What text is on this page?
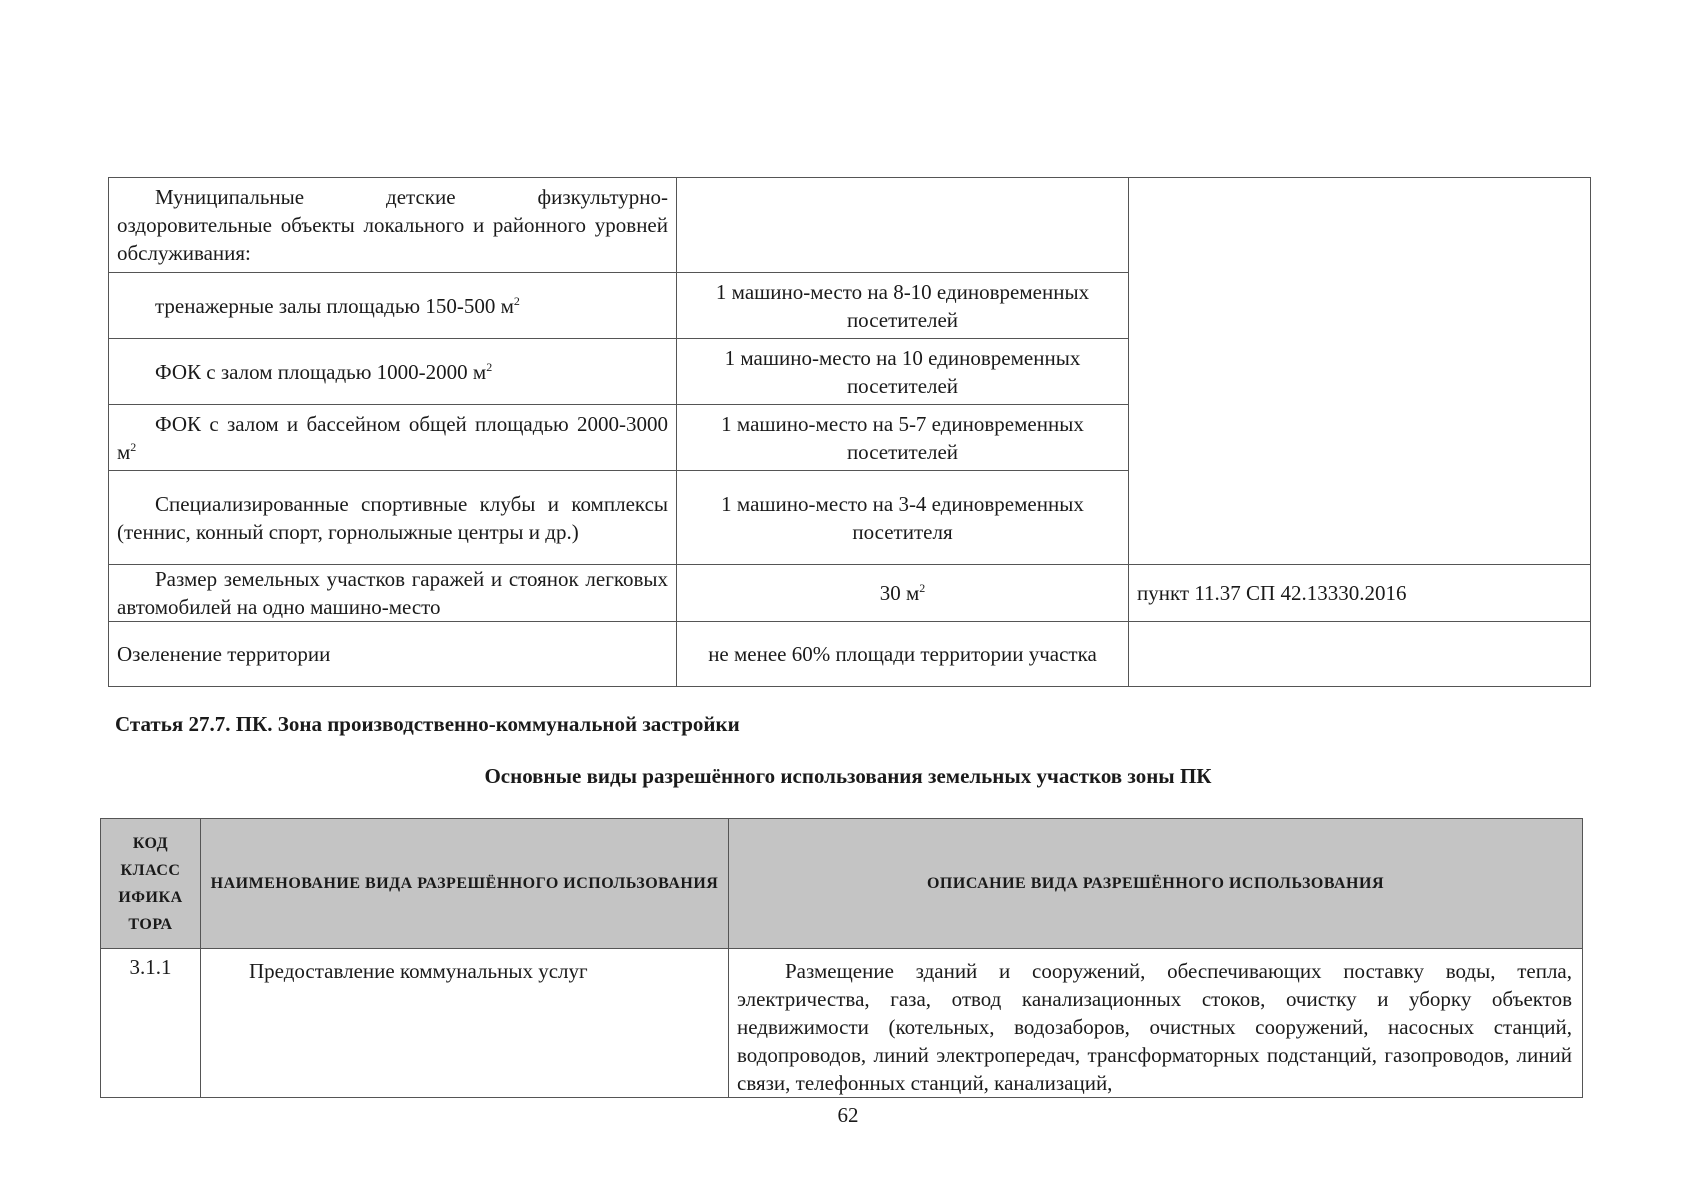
Муниципальные детские физкультурно-оздоровительные объекты локального и районного уровней обслуживания:		
тренажерные залы площадью 150-500 $м^2$	1 машино-место на 8-10 единовременных посетителей	
ФОК с залом площадью 1000-2000 $м^2$	1 машино-место на 10 единовременных посетителей	
ФОК с залом и бассейном общей площадью 2000-3000 $м^2$	1 машино-место на 5-7 единовременных посетителей	
Специализированные спортивные клубы и комплексы (теннис, конный спорт, горнолыжные центры и др.)	1 машино-место на 3-4 единовременных посетителя	
Размер земельных участков гаражей и стоянок легковых автомобилей на одно машино-место	30 $м^2$	пункт 11.37 СП 42.13330.2016
Озеленение территории	не менее 60% площади территории участка	

Статья 27.7. ПК. Зона производственно-коммунальной застройки

Основные виды разрешённого использования земельных участков зоны ПК

КОД КЛАСС ИФИКА ТОРА	НАИМЕНОВАНИЕ ВИДА РАЗРЕШЁННОГО ИСПОЛЬЗОВАНИЯ	ОПИСАНИЕ ВИДА РАЗРЕШЁННОГО ИСПОЛЬЗОВАНИЯ
3.1.1	Предоставление коммунальных услуг	Размещение зданий и сооружений, обеспечивающих поставку воды, тепла, электричества, газа, отвод канализационных стоков, очистку и уборку объектов недвижимости (котельных, водозаборов, очистных сооружений, насосных станций, водопроводов, линий электропередач, трансформаторных подстанций, газопроводов, линий связи, телефонных станций, канализаций,
62
